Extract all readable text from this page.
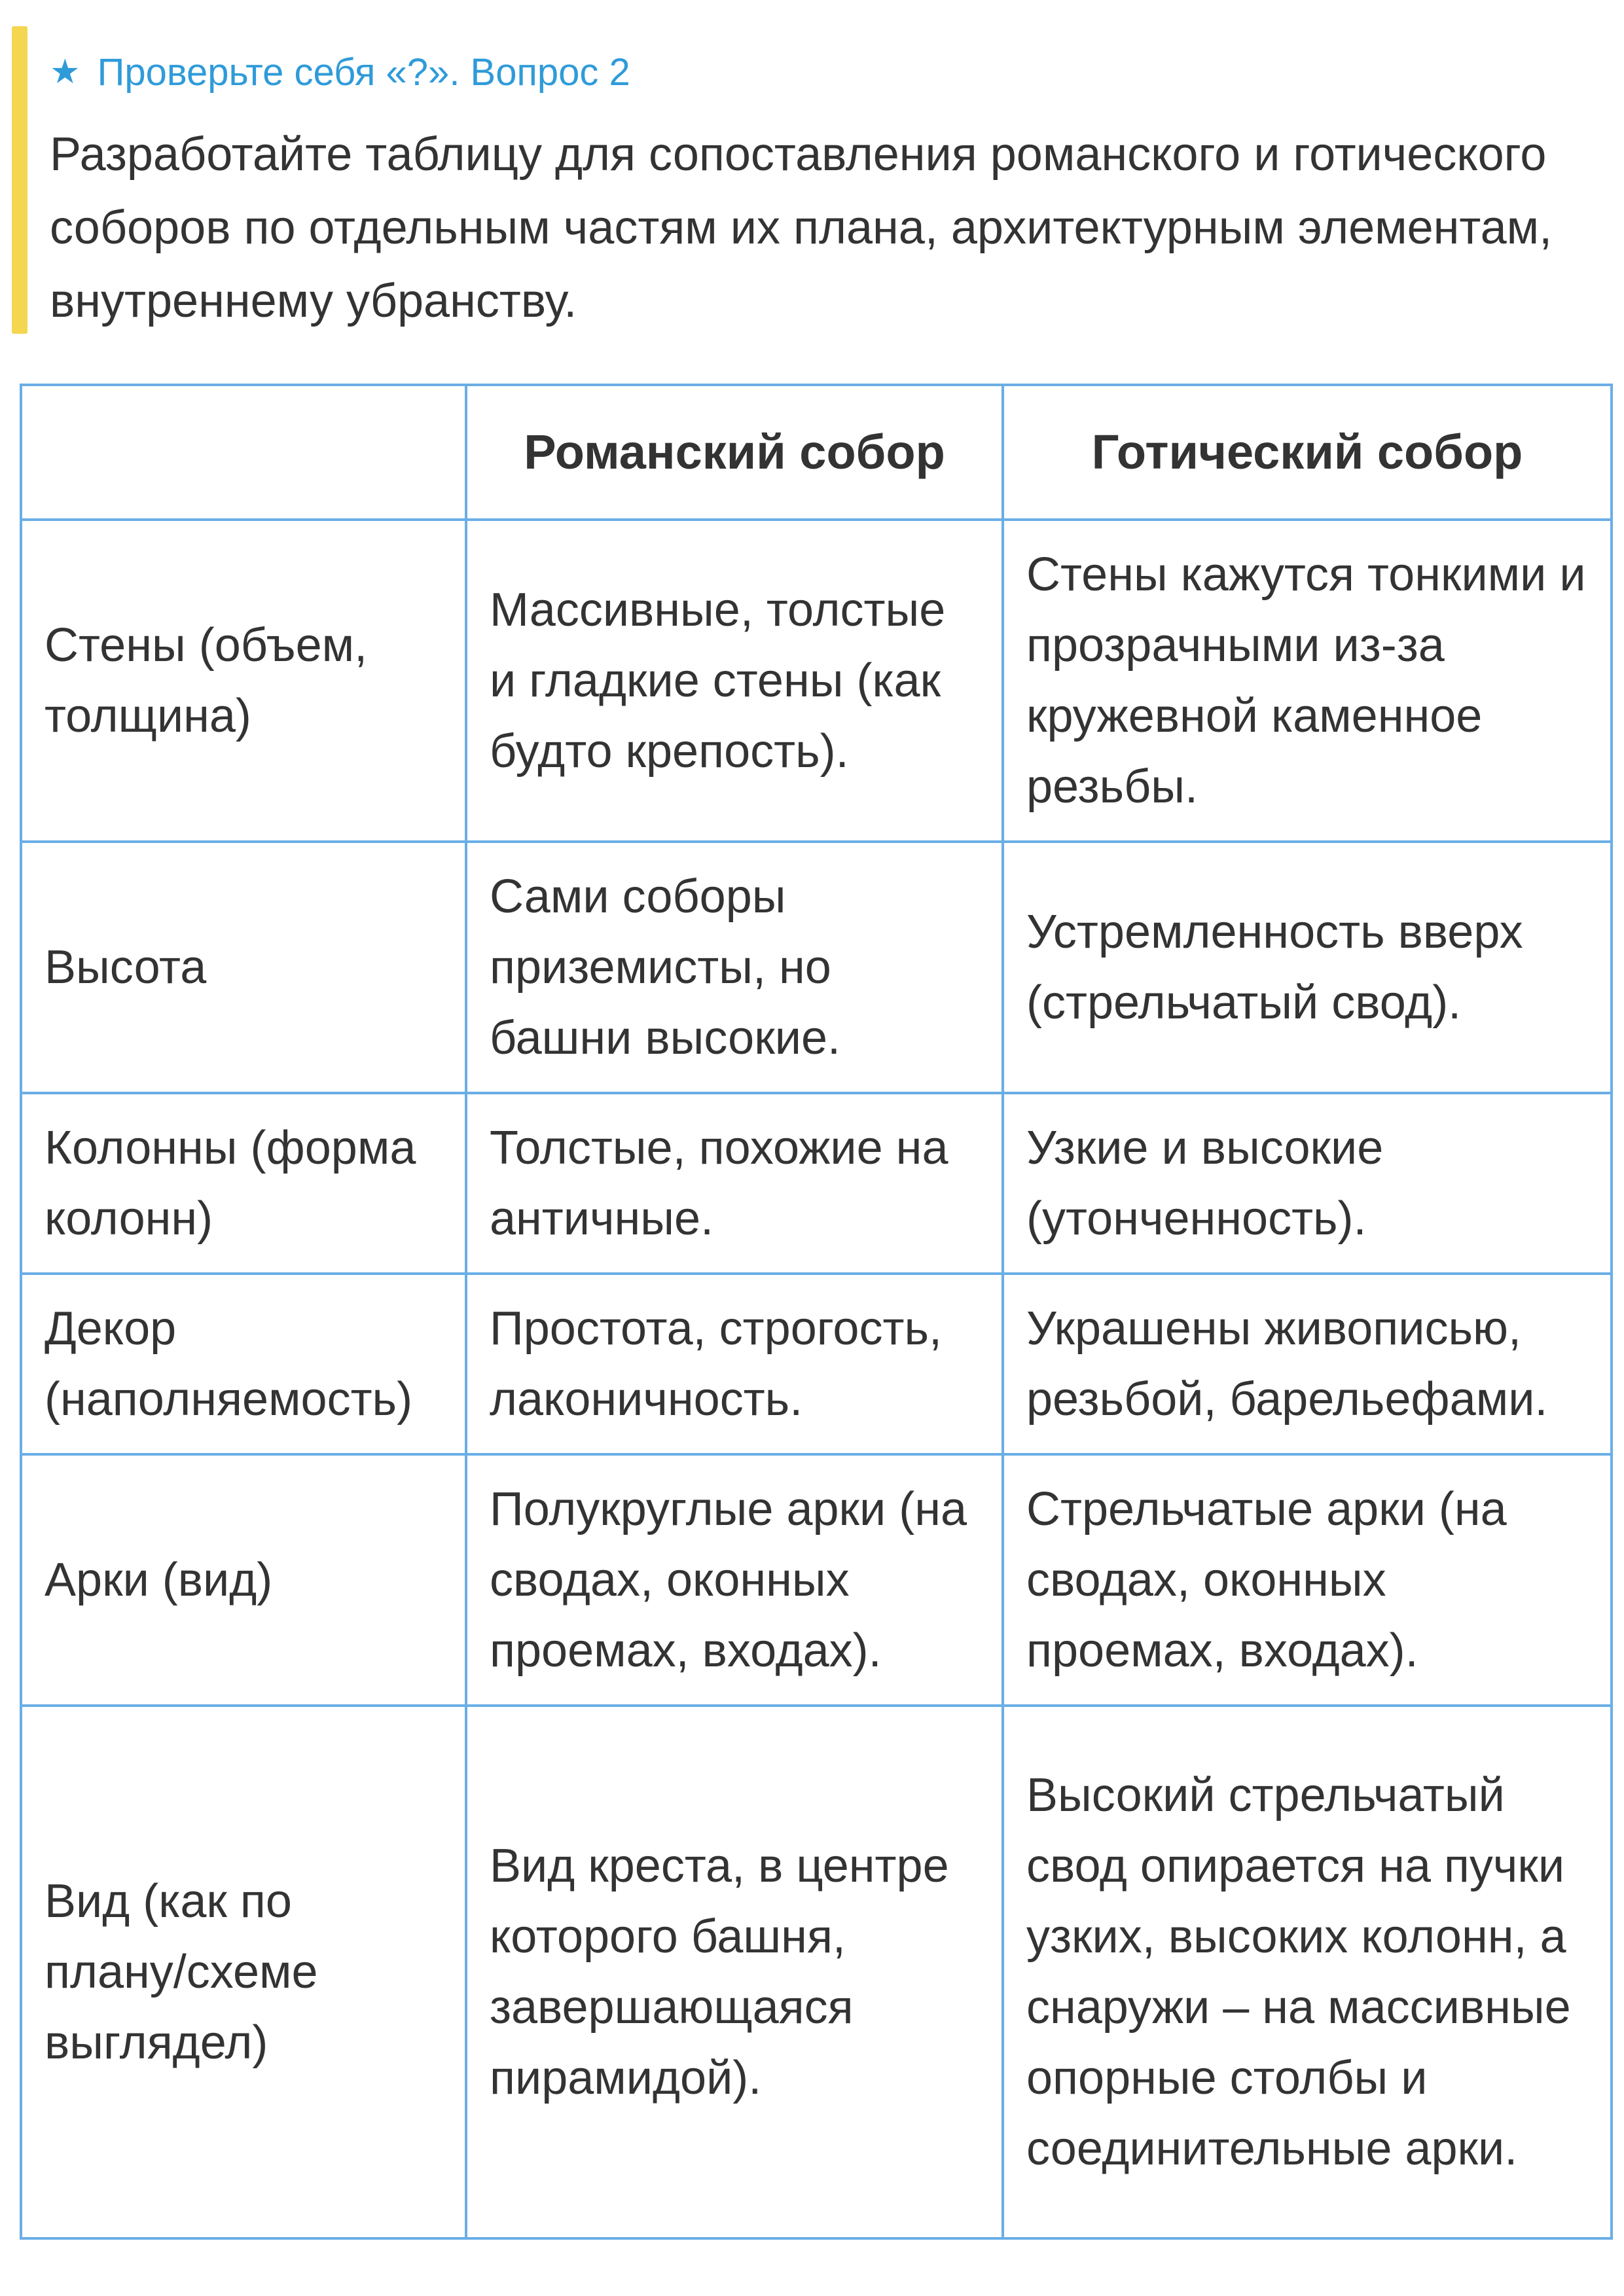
★ Проверьте себя «?». Вопрос 2
Разработайте таблицу для сопоставления романского и готического соборов по отдельным частям их плана, архитектурным элементам, внутреннему убранству.
	Романский собор	Готический собор
Стены (объем, толщина)	Массивные, толстые и гладкие стены (как будто крепость).	Стены кажутся тонкими и прозрачными из-за кружевной каменное резьбы.
Высота	Сами соборы приземисты, но башни высокие.	Устремленность вверх (стрельчатый свод).
Колонны (форма колонн)	Толстые, похожие на античные.	Узкие и высокие (утонченность).
Декор (наполняемость)	Простота, строгость, лаконичность.	Украшены живописью, резьбой, барельефами.
Арки (вид)	Полукруглые арки (на сводах, оконных проемах, входах).	Стрельчатые арки (на сводах, оконных проемах, входах).
Вид (как по плану/схеме выглядел)	Вид креста, в центре которого башня, завершающаяся пирамидой).	Высокий стрельчатый свод опирается на пучки узких, высоких колонн, а снаружи – на массивные опорные столбы и соединительные арки.
